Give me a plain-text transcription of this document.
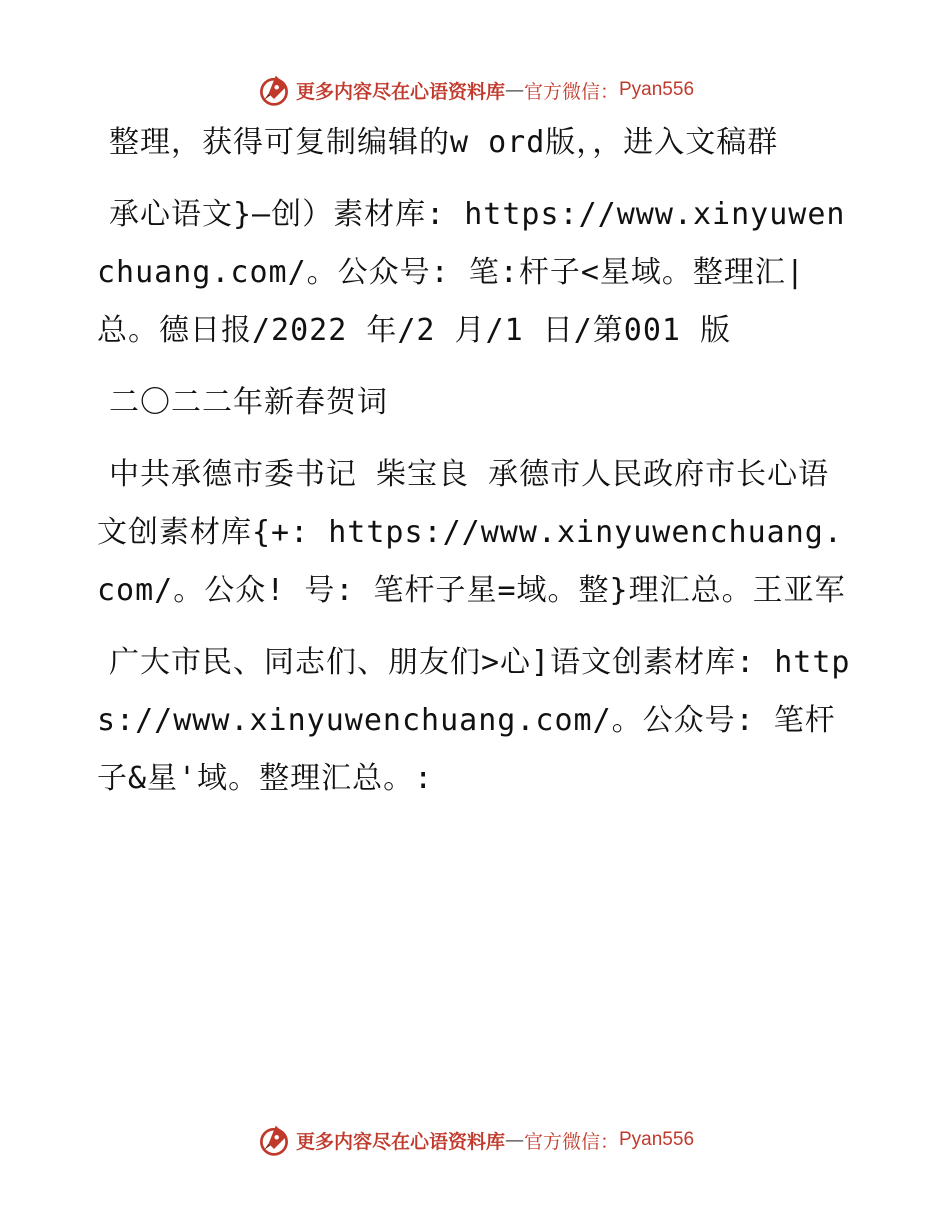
更多内容尽在心语资料库 — 官方微信： Pyan556

整理，获得可复制编辑的w ord版，，进入文稿群

承心语文}—创）素材库: https://www.xinyuwenchuang.com/。公众号: 笔:杆子<星域。整理汇|总。德日报/2022 年/2 月/1 日/第001 版

二〇二二年新春贺词

中共承德市委书记 柴宝良 承德市人民政府市长心语文创素材库{+: https://www.xinyuwenchuang.com/。公众! 号: 笔杆子星=域。整}理汇总。王亚军

广大市民、同志们、朋友们>心]语文创素材库: https://www.xinyuwenchuang.com/。公众号: 笔杆子&星'域。整理汇总。:

更多内容尽在心语资料库 — 官方微信： Pyan556
